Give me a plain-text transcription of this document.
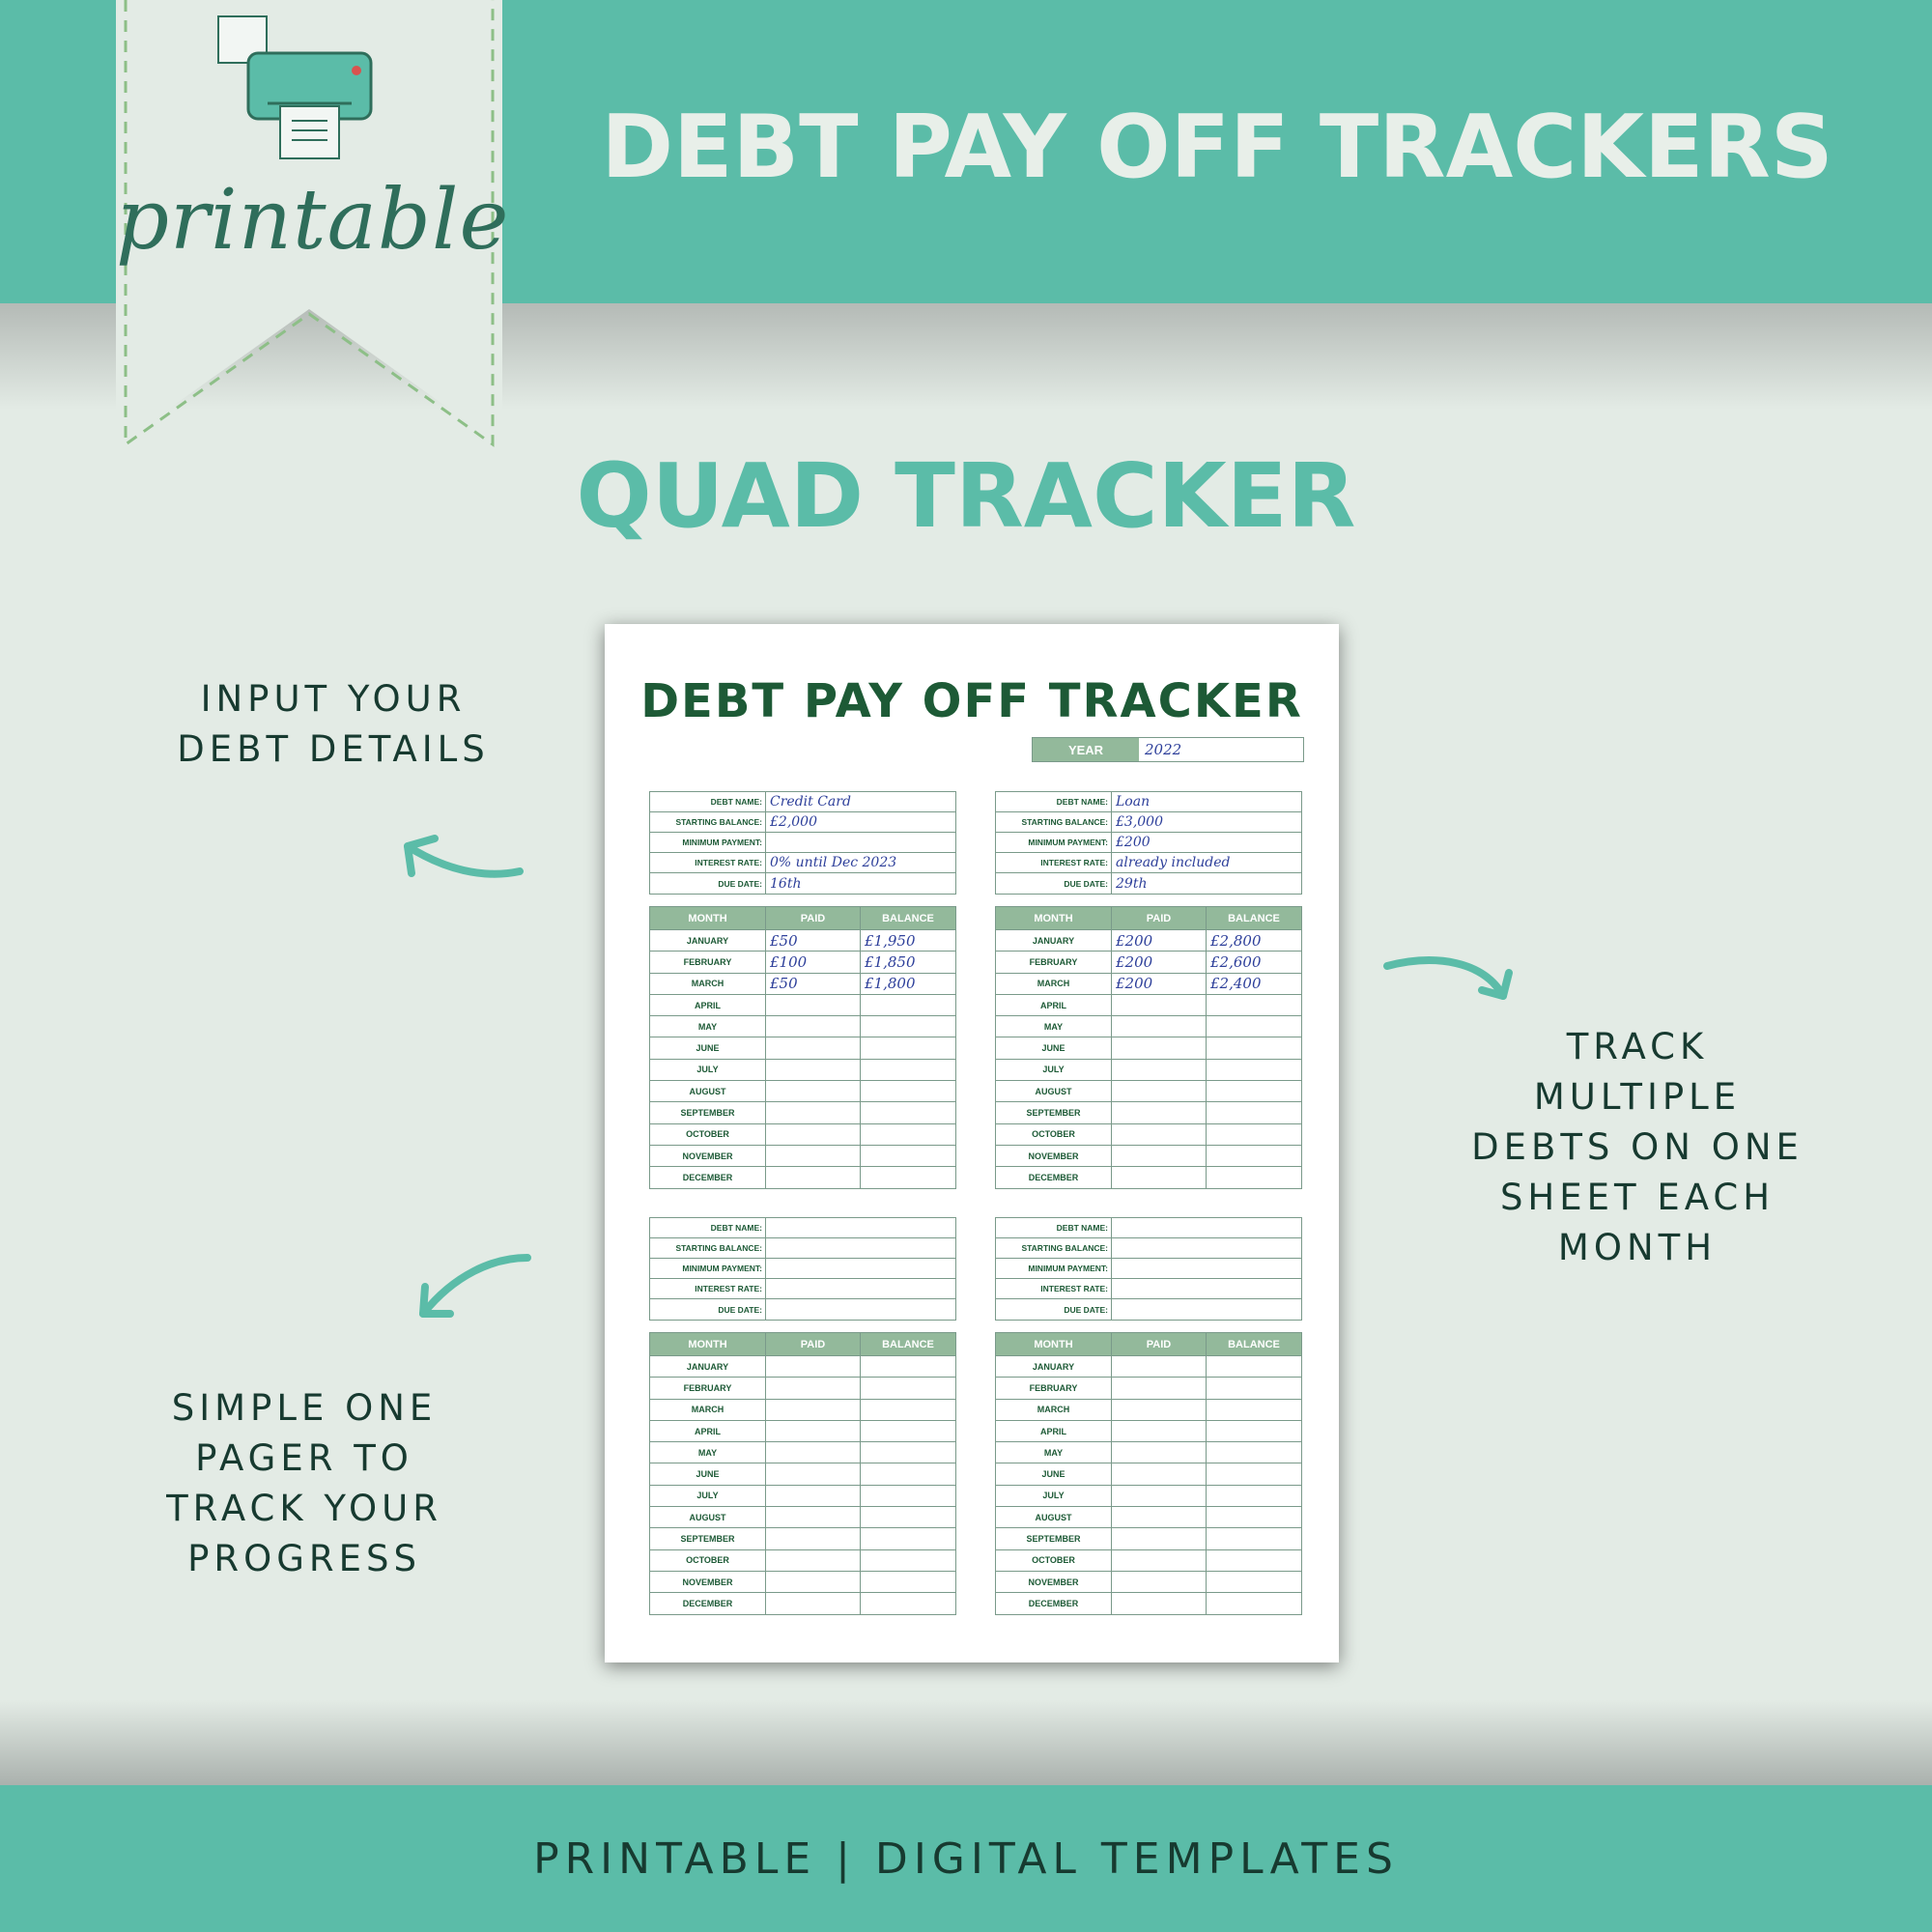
printable
DEBT PAY OFF TRACKERS
QUAD TRACKER
INPUT YOUR
DEBT DETAILS
SIMPLE ONE
PAGER TO
TRACK YOUR
PROGRESS
TRACK
MULTIPLE
DEBTS ON ONE
SHEET EACH
MONTH
DEBT PAY OFF TRACKER
YEAR	2022
DEBT NAME: Credit Card
STARTING BALANCE: £2,000
MINIMUM PAYMENT:
INTEREST RATE: 0% until Dec 2023
DUE DATE: 16th
MONTH	PAID	BALANCE
JANUARY	£50	£1,950
FEBRUARY	£100	£1,850
MARCH	£50	£1,800
APRIL
MAY
JUNE
JULY
AUGUST
SEPTEMBER
OCTOBER
NOVEMBER
DECEMBER
DEBT NAME: Loan
STARTING BALANCE: £3,000
MINIMUM PAYMENT: £200
INTEREST RATE: already included
DUE DATE: 29th
MONTH	PAID	BALANCE
JANUARY	£200	£2,800
FEBRUARY	£200	£2,600
MARCH	£200	£2,400
APRIL
MAY
JUNE
JULY
AUGUST
SEPTEMBER
OCTOBER
NOVEMBER
DECEMBER
DEBT NAME:
STARTING BALANCE:
MINIMUM PAYMENT:
INTEREST RATE:
DUE DATE:
MONTH	PAID	BALANCE
JANUARY
FEBRUARY
MARCH
APRIL
MAY
JUNE
JULY
AUGUST
SEPTEMBER
OCTOBER
NOVEMBER
DECEMBER
DEBT NAME:
STARTING BALANCE:
MINIMUM PAYMENT:
INTEREST RATE:
DUE DATE:
MONTH	PAID	BALANCE
JANUARY
FEBRUARY
MARCH
APRIL
MAY
JUNE
JULY
AUGUST
SEPTEMBER
OCTOBER
NOVEMBER
DECEMBER
PRINTABLE | DIGITAL TEMPLATES
